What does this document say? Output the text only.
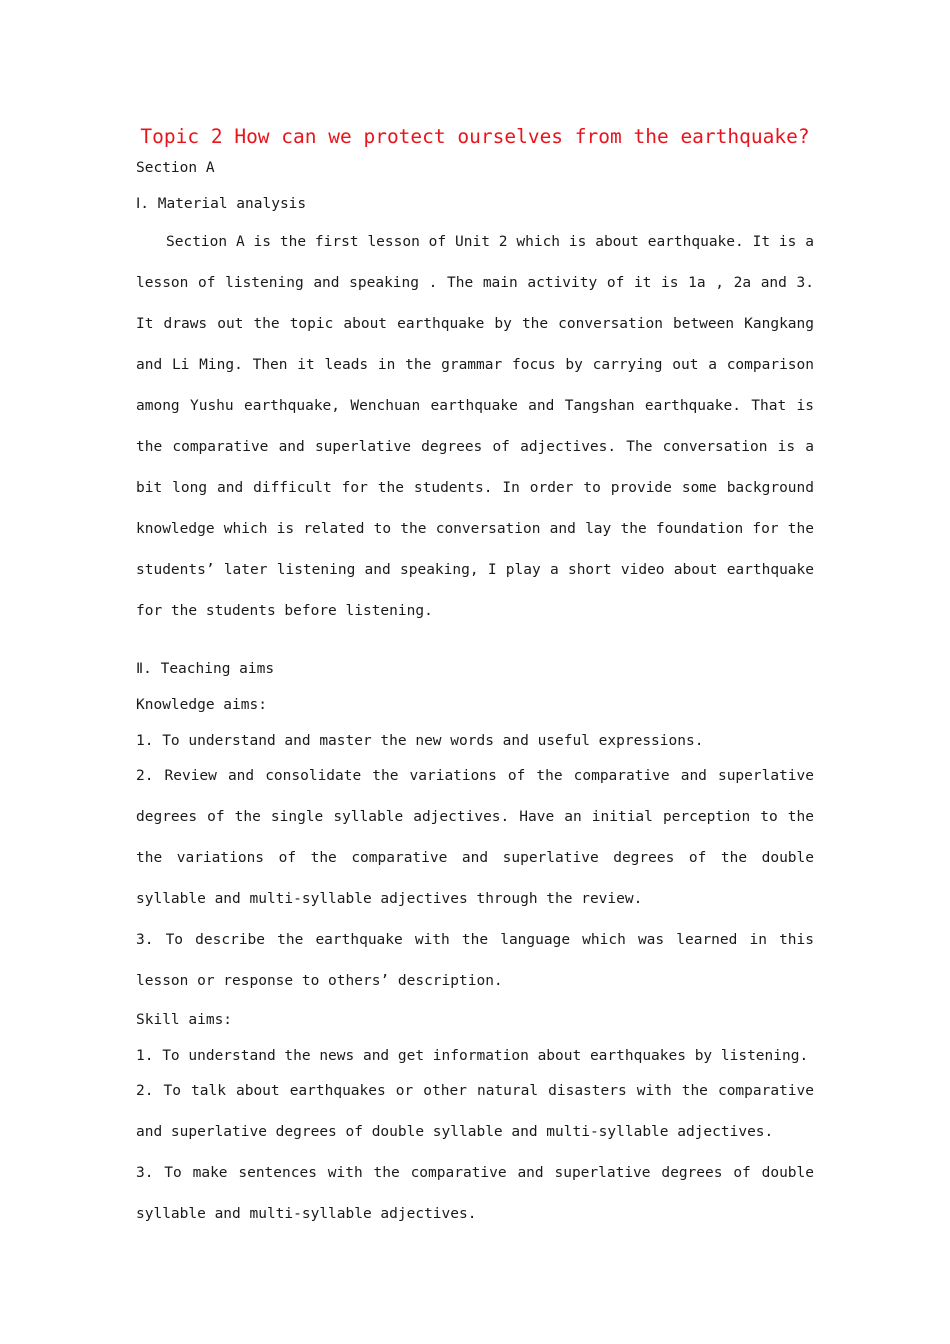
Topic 2 How can we protect ourselves from the earthquake?

Section A

Ⅰ. Material analysis

Section A is the first lesson of Unit 2 which is about earthquake. It is a lesson of listening and speaking . The main activity of it is 1a , 2a and 3. It draws out the topic about earthquake by the conversation between Kangkang and Li Ming. Then it leads in the grammar focus by carrying out a comparison among Yushu earthquake, Wenchuan earthquake and Tangshan earthquake. That is the comparative and superlative degrees of adjectives. The conversation is a bit long and difficult for the students. In order to provide some background knowledge which is related to the conversation and lay the foundation for the students’ later listening and speaking, I play a short video about earthquake for the students before listening.

Ⅱ. Teaching aims

Knowledge aims:

1. To understand and master the new words and useful expressions.

2. Review and consolidate the variations of the comparative and superlative degrees of the single syllable adjectives. Have an initial perception to the the variations of the comparative and superlative degrees of the double syllable and multi-syllable adjectives through the review.

3. To describe the earthquake with the language which was learned in this lesson or response to others’ description.

Skill aims:

1. To understand the news and get information about earthquakes by listening.

2. To talk about earthquakes or other natural disasters with the comparative and superlative degrees of double syllable and multi-syllable adjectives.

3. To make sentences with the comparative and superlative degrees of double syllable and multi-syllable adjectives.
